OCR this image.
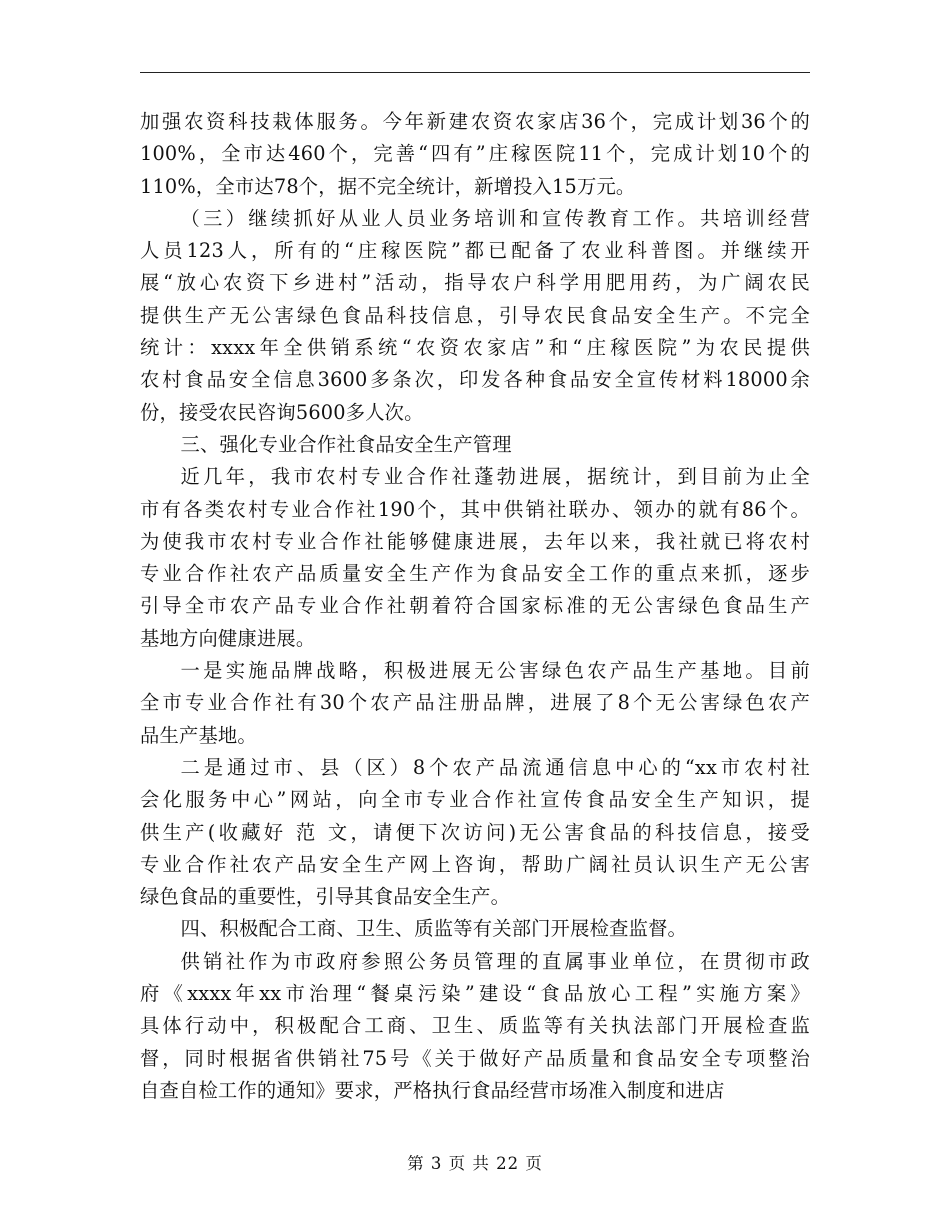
加强农资科技栽体服务。今年新建农资农家店36个，完成计划36个的
100%，全市达460个，完善“四有”庄稼医院11个，完成计划10个的
110%，全市达78个，据不完全统计，新增投入15万元。
（三）继续抓好从业人员业务培训和宣传教育工作。共培训经营
人员123人，所有的“庄稼医院”都已配备了农业科普图。并继续开
展“放心农资下乡进村”活动，指导农户科学用肥用药，为广阔农民
提供生产无公害绿色食品科技信息，引导农民食品安全生产。不完全
统计：xxxx年全供销系统“农资农家店”和“庄稼医院”为农民提供
农村食品安全信息3600多条次，印发各种食品安全宣传材料18000余
份，接受农民咨询5600多人次。
三、强化专业合作社食品安全生产管理
近几年，我市农村专业合作社蓬勃进展，据统计，到目前为止全
市有各类农村专业合作社190个，其中供销社联办、领办的就有86个。
为使我市农村专业合作社能够健康进展，去年以来，我社就已将农村
专业合作社农产品质量安全生产作为食品安全工作的重点来抓，逐步
引导全市农产品专业合作社朝着符合国家标准的无公害绿色食品生产
基地方向健康进展。
一是实施品牌战略，积极进展无公害绿色农产品生产基地。目前
全市专业合作社有30个农产品注册品牌，进展了8个无公害绿色农产
品生产基地。
二是通过市、县（区）8个农产品流通信息中心的“xx市农村社
会化服务中心”网站，向全市专业合作社宣传食品安全生产知识，提
供生产(收藏好 范 文，请便下次访问)无公害食品的科技信息，接受
专业合作社农产品安全生产网上咨询，帮助广阔社员认识生产无公害
绿色食品的重要性，引导其食品安全生产。
四、积极配合工商、卫生、质监等有关部门开展检查监督。
供销社作为市政府参照公务员管理的直属事业单位，在贯彻市政
府《xxxx年xx市治理“餐桌污染”建设“食品放心工程”实施方案》
具体行动中，积极配合工商、卫生、质监等有关执法部门开展检查监
督，同时根据省供销社75号《关于做好产品质量和食品安全专项整治
自查自检工作的通知》要求，严格执行食品经营市场准入制度和进店
第 3 页 共 22 页
